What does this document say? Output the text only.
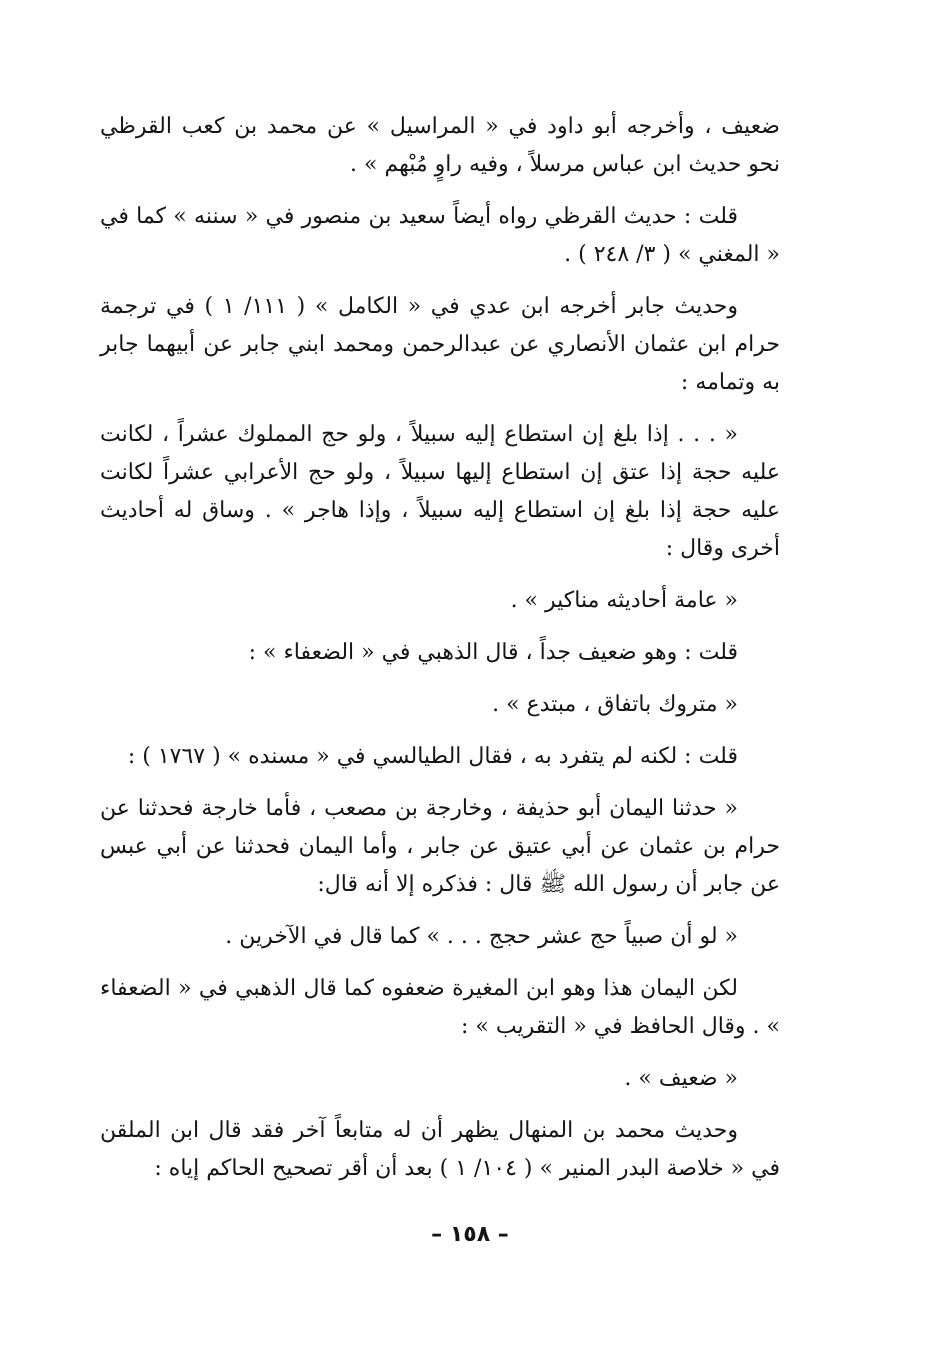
ضعيف ، وأخرجه أبو داود في « المراسيل » عن محمد بن كعب القرظي نحو حديث ابن عباس مرسلاً ، وفيه راوٍ مُبْهم » .

قلت : حديث القرظي رواه أيضاً سعيد بن منصور في « سننه » كما في « المغني » ( ٣/ ٢٤٨ ) .

وحديث جابر أخرجه ابن عدي في « الكامل » ( ١١١/ ١ ) في ترجمة حرام ابن عثمان الأنصاري عن عبدالرحمن ومحمد ابني جابر عن أبيهما جابر به وتمامه :

« . . . إذا بلغ إن استطاع إليه سبيلاً ، ولو حج المملوك عشراً ، لكانت عليه حجة إذا عتق إن استطاع إليها سبيلاً ، ولو حج الأعرابي عشراً لكانت عليه حجة إذا بلغ إن استطاع إليه سبيلاً ، وإذا هاجر » . وساق له أحاديث أخرى وقال :

« عامة أحاديثه مناكير » .

قلت : وهو ضعيف جداً ، قال الذهبي في « الضعفاء » :

« متروك باتفاق ، مبتدع » .

قلت : لكنه لم يتفرد به ، فقال الطيالسي في « مسنده » ( ١٧٦٧ ) :

« حدثنا اليمان أبو حذيفة ، وخارجة بن مصعب ، فأما خارجة فحدثنا عن حرام بن عثمان عن أبي عتيق عن جابر ، وأما اليمان فحدثنا عن أبي عبس عن جابر أن رسول الله ﷺ قال : فذكره إلا أنه قال:

« لو أن صبياً حج عشر حجج . . . » كما قال في الآخرين .

لكن اليمان هذا وهو ابن المغيرة ضعفوه كما قال الذهبي في « الضعفاء » . وقال الحافظ في « التقريب » :

« ضعيف » .

وحديث محمد بن المنهال يظهر أن له متابعاً آخر فقد قال ابن الملقن في « خلاصة البدر المنير » ( ١٠٤/ ١ ) بعد أن أقر تصحيح الحاكم إياه :

– ١٥٨ –
